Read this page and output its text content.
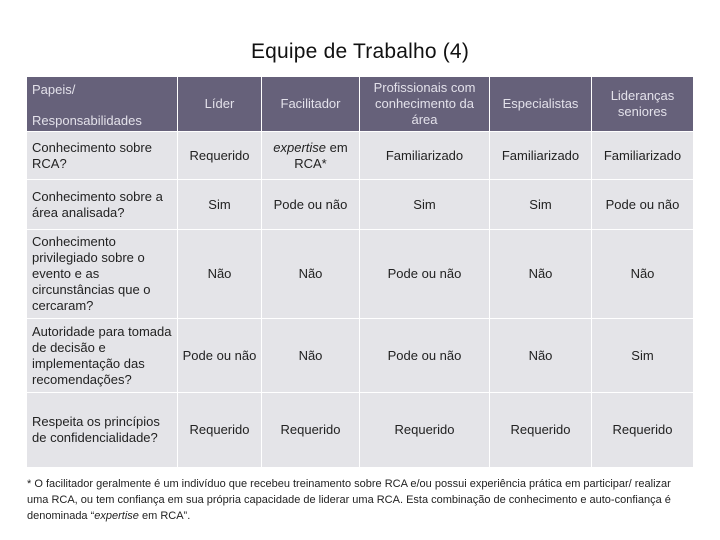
Equipe de Trabalho (4)
Papeis/
Responsabilidades	Líder	Facilitador	Profissionais com conhecimento da área	Especialistas	Lideranças seniores
Conhecimento sobre RCA?	Requerido	expertise em RCA*	Familiarizado	Familiarizado	Familiarizado
Conhecimento sobre a área analisada?	Sim	Pode ou não	Sim	Sim	Pode ou não
Conhecimento privilegiado sobre o evento e as circunstâncias que o cercaram?	Não	Não	Pode ou não	Não	Não
Autoridade para tomada de decisão e implementação das recomendações?	Pode ou não	Não	Pode ou não	Não	Sim
Respeita os princípios de confidencialidade?	Requerido	Requerido	Requerido	Requerido	Requerido
* O facilitador geralmente é um indivíduo que recebeu treinamento sobre RCA e/ou possui experiência prática em participar/ realizar uma RCA, ou tem confiança em sua própria capacidade de liderar uma RCA. Esta combinação de conhecimento e auto-confiança é denominada “expertise em RCA”.
